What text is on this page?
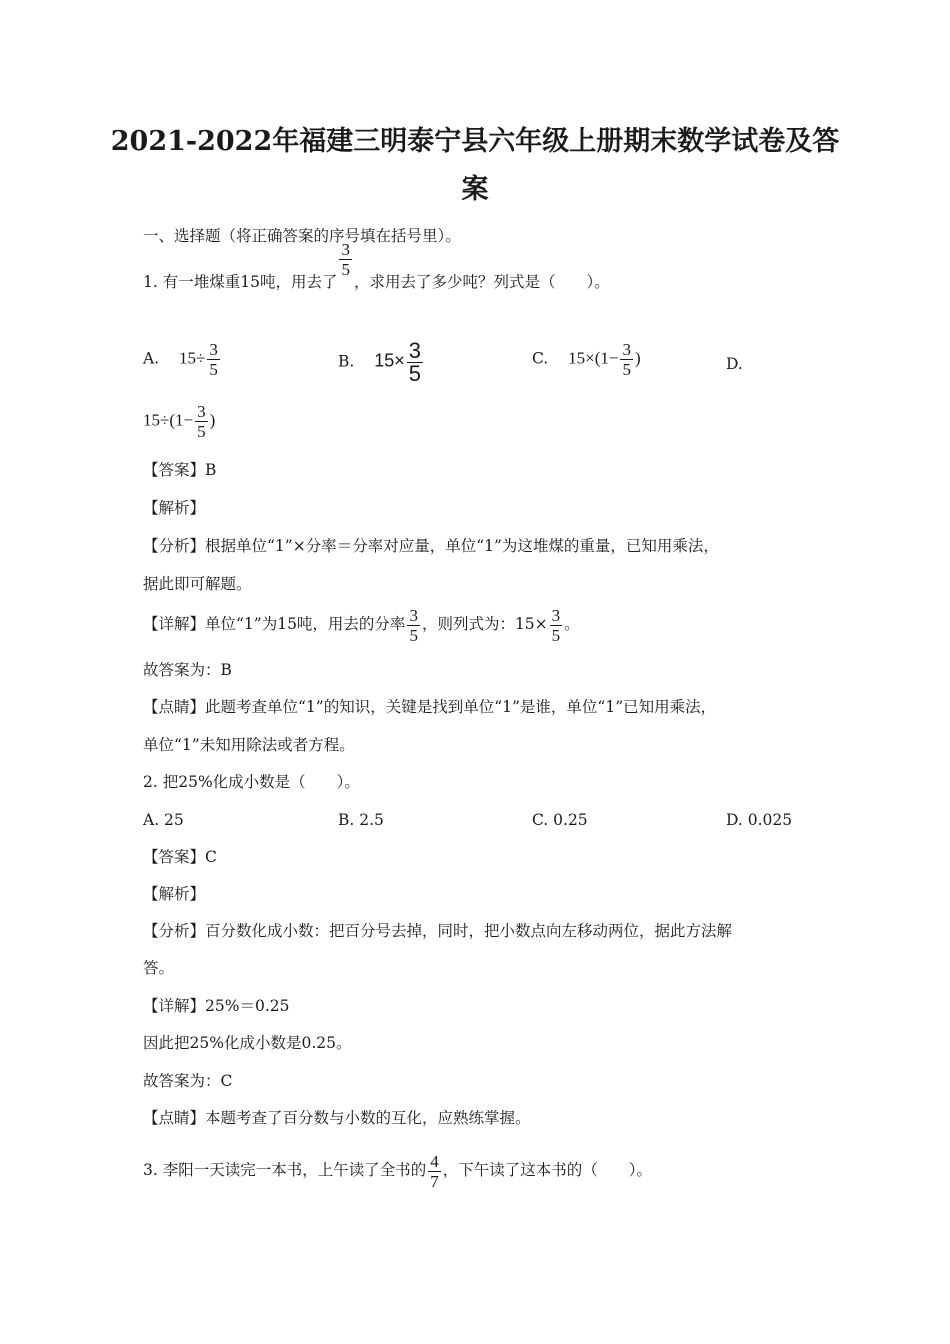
2021-2022年福建三明泰宁县六年级上册期末数学试卷及答
案
一、选择题（将正确答案的序号填在括号里）。
1. 有一堆煤重15吨，用去了
$\frac{3}{5}$
，求用去了多少吨？列式是（　　）。
A. $15\div \frac{3}{5}$	B. $15\times \frac{3}{5}$	C. $15\times(1- \frac{3}{5}$ )	D.
$15\div(1- \frac{3}{5}$ )
【答案】B
【解析】
【分析】根据单位“1”×分率＝分率对应量，单位“1”为这堆煤的重量，已知用乘法，
据此即可解题。
【详解】单位“1”为15吨，用去的分率 $\frac{3}{5}$ ，则列式为：$15\times \frac{3}{5}$ 。
故答案为：B
【点睛】此题考查单位“1”的知识，关键是找到单位“1”是谁，单位“1”已知用乘法，
单位“1”未知用除法或者方程。
2. 把25%化成小数是（　　）。
A. 25	B. 2.5	C. 0.25	D. 0.025
【答案】C
【解析】
【分析】百分数化成小数：把百分号去掉，同时，把小数点向左移动两位，据此方法解
答。
【详解】25%＝0.25
因此把25%化成小数是0.25。
故答案为：C
【点睛】本题考查了百分数与小数的互化，应熟练掌握。
3. 李阳一天读完一本书，上午读了全书的 $\frac{4}{7}$ ，下午读了这本书的（　　）。
